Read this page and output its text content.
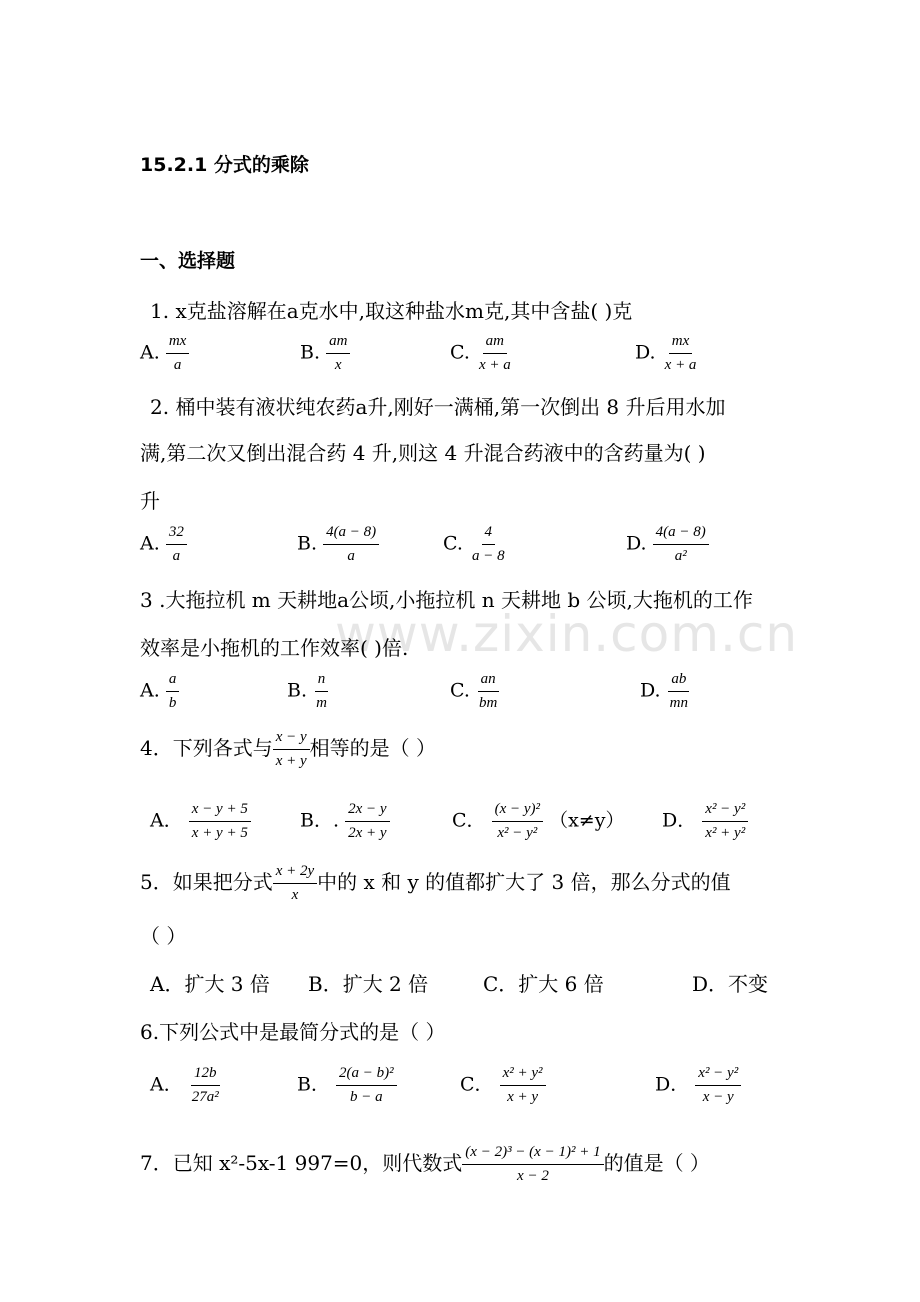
www.zixin.com.cn
15.2.1 分式的乘除
一、选择题
1. x克盐溶解在a克水中,取这种盐水m克,其中含盐( )克
A. $\frac{mx}{a}$	B. $\frac{am}{x}$	C. $\frac{am}{x + a}$	D. $\frac{mx}{x + a}$
2. 桶中装有液状纯农药a升,刚好一满桶,第一次倒出 8 升后用水加
满,第二次又倒出混合药 4 升,则这 4 升混合药液中的含药量为( )
升
A. $\frac{32}{a}$	B. $\frac{4(a - 8)}{a}$	C. $\frac{4}{a - 8}$	D. $\frac{4(a - 8)}{\text{a²}}$
3 .大拖拉机 m 天耕地a公顷,小拖拉机 n 天耕地 b 公顷,大拖机的工作
效率是小拖机的工作效率( )倍.
A. $\frac{a}{b}$	B. $\frac{n}{m}$	C. $\frac{an}{bm}$	D. $\frac{ab}{mn}$
4．下列各式与 $\frac{x - y}{x + y}$ 相等的是（ ）
A． $\frac{x - y + 5}{x + y + 5}$	B．. $\frac{2x - y}{2x + y}$	C． $\frac{\text{(x − y)²}}{\text{x² − y²}} (x\ne y)$ D． $\frac{\text{x² − y²}}{\text{x² + y²}}$
5．如果把分式 $\frac{x + 2y}{x}$ 中的 x 和 y 的值都扩大了 3 倍，那么分式的值
（ ）
A．扩大 3 倍 B．扩大 2 倍	C．扩大 6 倍	D．不变
6.下列公式中是最简分式的是（ ）
A． $\frac{12b}{\text{27a²}}$	B． $\frac{\text{2(a − b)²}}{b - a}$	C． $\frac{\text{x² + y²}}{x + y}$	D． $\frac{\text{x² − y²}}{x - y}$
7．已知 x²-5x-1 997=0，则代数式 $\frac{\text{(x − 2)³ − (x − 1)² + 1}}{x - 2}$ 的值是（ ）
